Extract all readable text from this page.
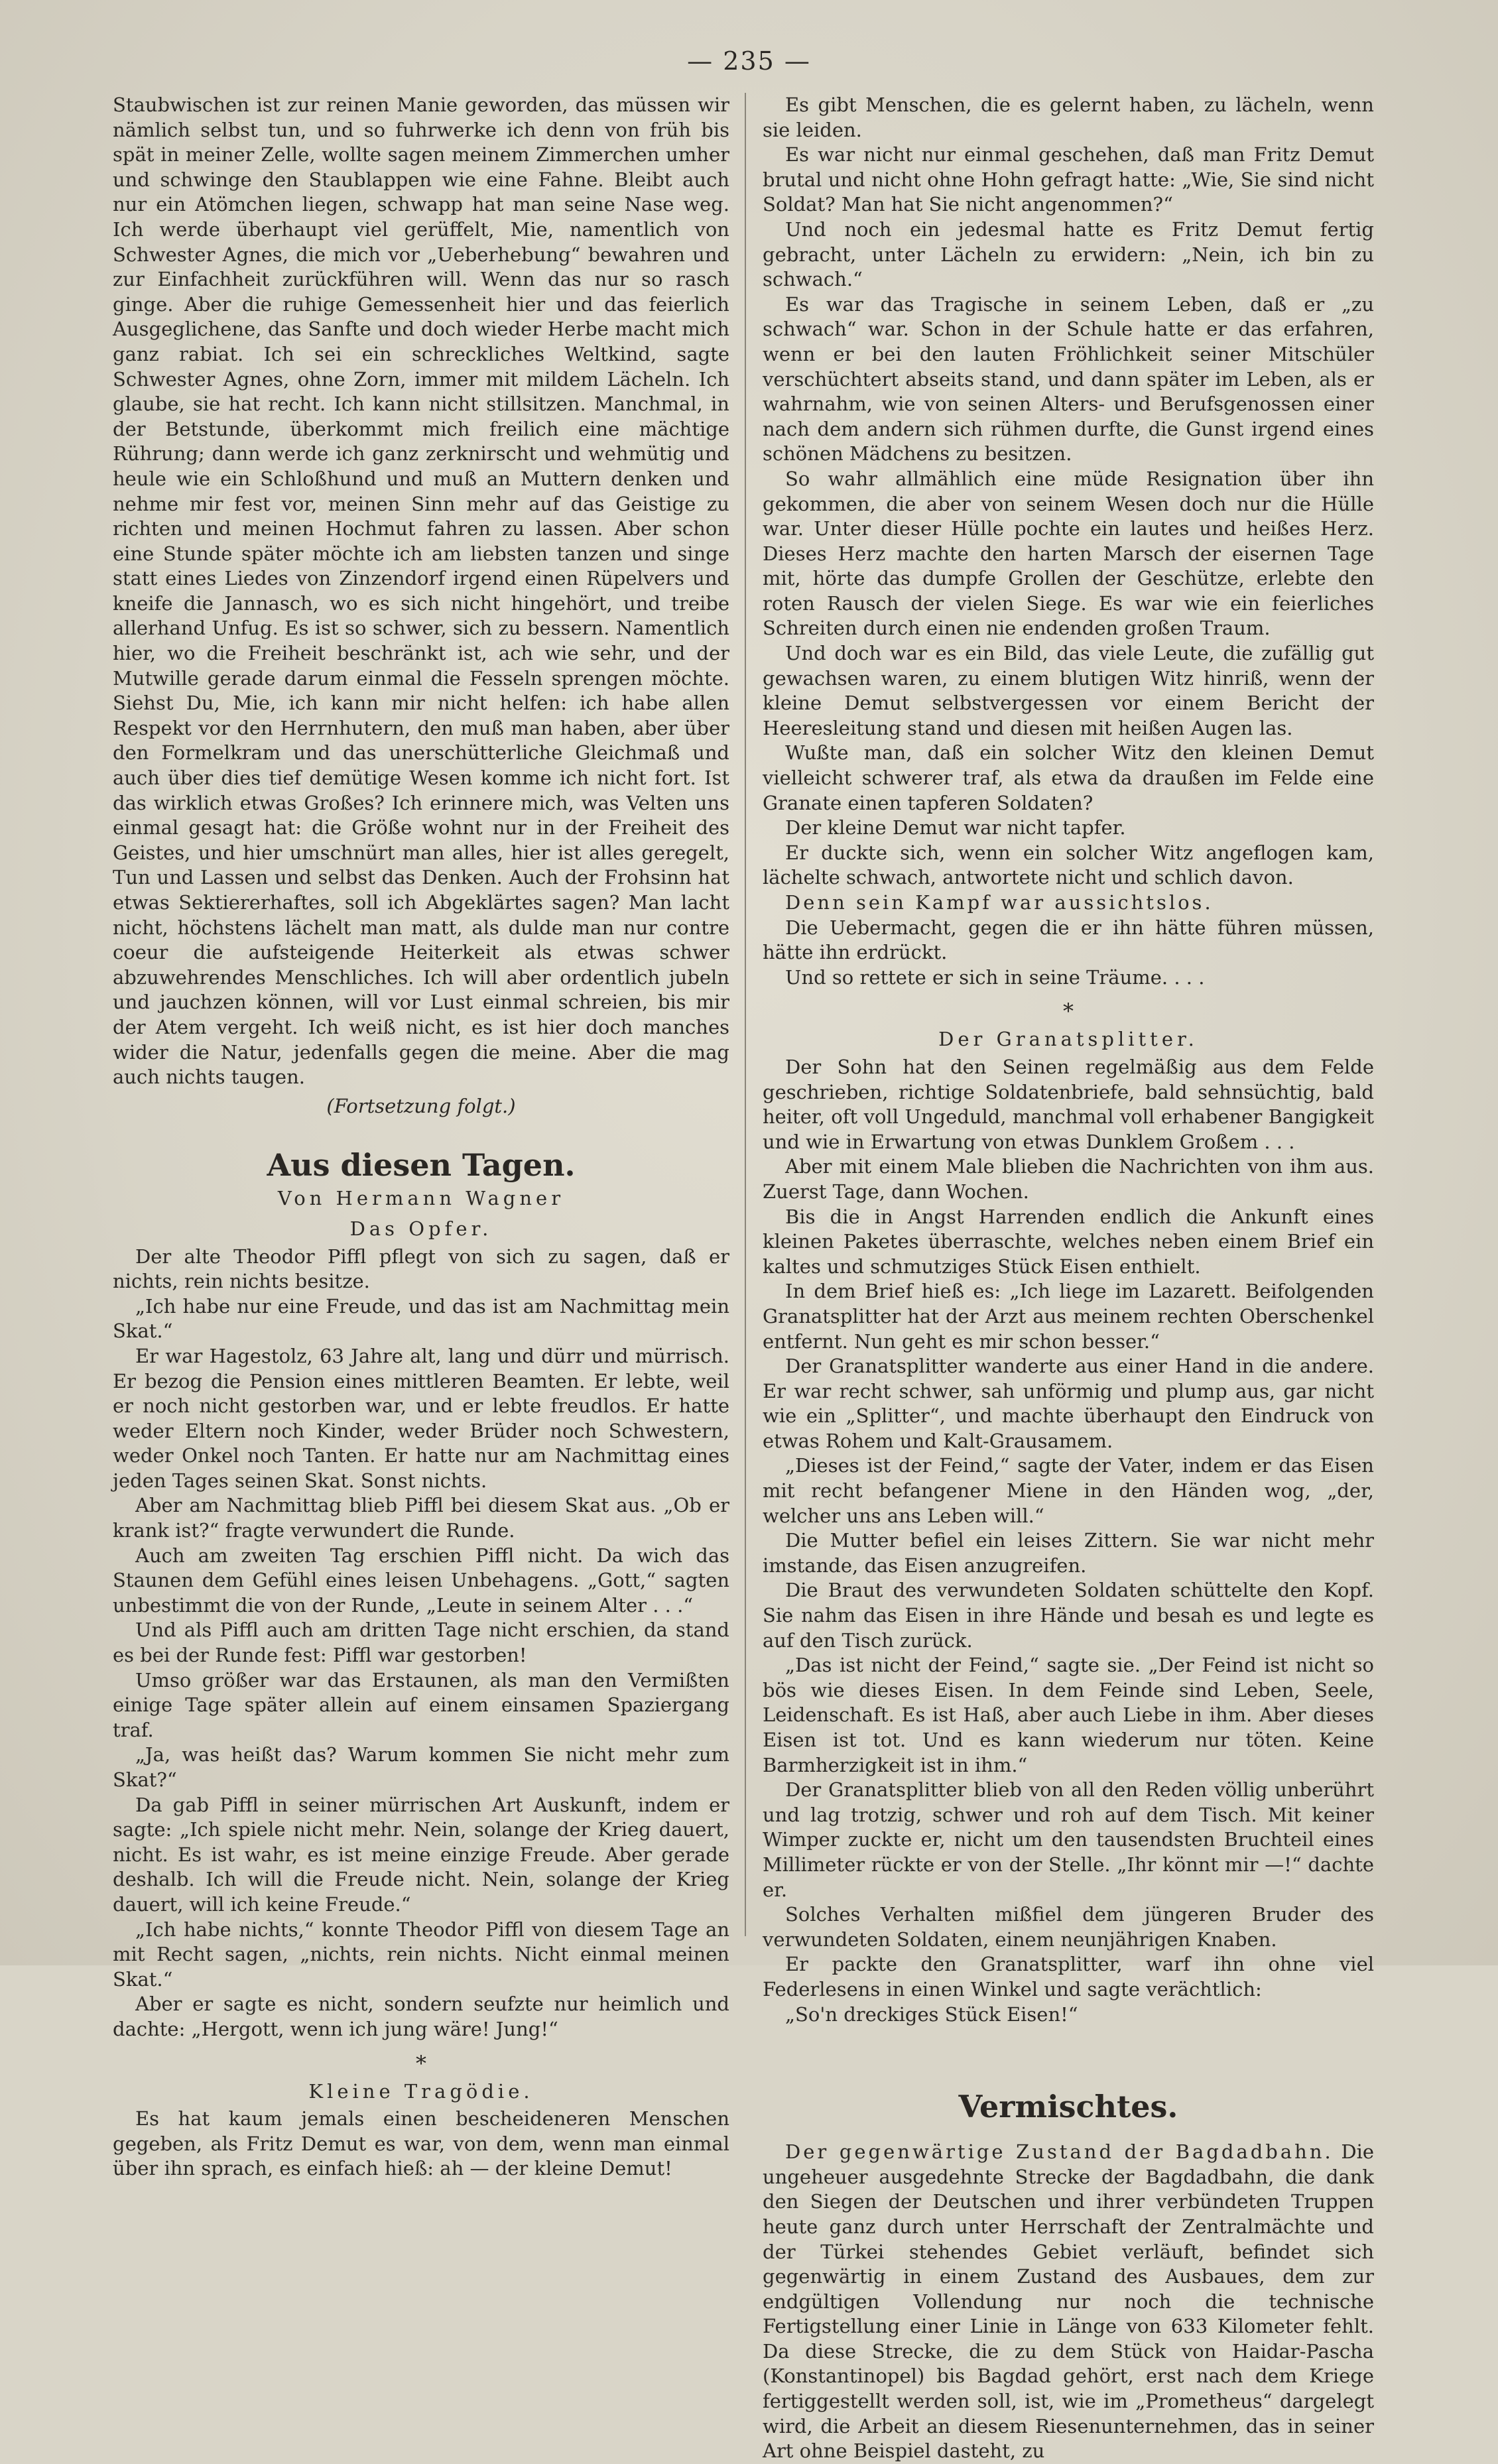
— 235 —

Staubwischen ist zur reinen Manie geworden, das müssen wir nämlich selbst tun, und so fuhrwerke ich denn von früh bis spät in meiner Zelle, wollte sagen meinem Zimmerchen umher und schwinge den Staublappen wie eine Fahne. Bleibt auch nur ein Atömchen liegen, schwapp hat man seine Nase weg. Ich werde überhaupt viel gerüffelt, Mie, namentlich von Schwester Agnes, die mich vor „Ueberhebung“ bewahren und zur Einfachheit zurückführen will. Wenn das nur so rasch ginge. Aber die ruhige Gemessenheit hier und das feierlich Ausgeglichene, das Sanfte und doch wieder Herbe macht mich ganz rabiat. Ich sei ein schreckliches Weltkind, sagte Schwester Agnes, ohne Zorn, immer mit mildem Lächeln. Ich glaube, sie hat recht. Ich kann nicht stillsitzen. Manchmal, in der Betstunde, überkommt mich freilich eine mächtige Rührung; dann werde ich ganz zerknirscht und wehmütig und heule wie ein Schloßhund und muß an Muttern denken und nehme mir fest vor, meinen Sinn mehr auf das Geistige zu richten und meinen Hochmut fahren zu lassen. Aber schon eine Stunde später möchte ich am liebsten tanzen und singe statt eines Liedes von Zinzendorf irgend einen Rüpelvers und kneife die Jannasch, wo es sich nicht hingehört, und treibe allerhand Unfug. Es ist so schwer, sich zu bessern. Namentlich hier, wo die Freiheit beschränkt ist, ach wie sehr, und der Mutwille gerade darum einmal die Fesseln sprengen möchte. Siehst Du, Mie, ich kann mir nicht helfen: ich habe allen Respekt vor den Herrnhutern, den muß man haben, aber über den Formelkram und das unerschütterliche Gleichmaß und auch über dies tief demütige Wesen komme ich nicht fort. Ist das wirklich etwas Großes? Ich erinnere mich, was Velten uns einmal gesagt hat: die Größe wohnt nur in der Freiheit des Geistes, und hier umschnürt man alles, hier ist alles geregelt, Tun und Lassen und selbst das Denken. Auch der Frohsinn hat etwas Sektiererhaftes, soll ich Abgeklärtes sagen? Man lacht nicht, höchstens lächelt man matt, als dulde man nur contre coeur die aufsteigende Heiterkeit als etwas schwer abzuwehrendes Menschliches. Ich will aber ordentlich jubeln und jauchzen können, will vor Lust einmal schreien, bis mir der Atem vergeht. Ich weiß nicht, es ist hier doch manches wider die Natur, jedenfalls gegen die meine. Aber die mag auch nichts taugen.

(Fortsetzung folgt.)
Aus diesen Tagen.
Von Hermann Wagner
Das Opfer.

Der alte Theodor Piffl pflegt von sich zu sagen, daß er nichts, rein nichts besitze.

„Ich habe nur eine Freude, und das ist am Nachmittag mein Skat.“

Er war Hagestolz, 63 Jahre alt, lang und dürr und mürrisch. Er bezog die Pension eines mittleren Beamten. Er lebte, weil er noch nicht gestorben war, und er lebte freudlos. Er hatte weder Eltern noch Kinder, weder Brüder noch Schwestern, weder Onkel noch Tanten. Er hatte nur am Nachmittag eines jeden Tages seinen Skat. Sonst nichts.

Aber am Nachmittag blieb Piffl bei diesem Skat aus. „Ob er krank ist?“ fragte verwundert die Runde.

Auch am zweiten Tag erschien Piffl nicht. Da wich das Staunen dem Gefühl eines leisen Unbehagens. „Gott,“ sagten unbestimmt die von der Runde, „Leute in seinem Alter . . .“

Und als Piffl auch am dritten Tage nicht erschien, da stand es bei der Runde fest: Piffl war gestorben!

Umso größer war das Erstaunen, als man den Vermißten einige Tage später allein auf einem einsamen Spaziergang traf.

„Ja, was heißt das? Warum kommen Sie nicht mehr zum Skat?“

Da gab Piffl in seiner mürrischen Art Auskunft, indem er sagte: „Ich spiele nicht mehr. Nein, solange der Krieg dauert, nicht. Es ist wahr, es ist meine einzige Freude. Aber gerade deshalb. Ich will die Freude nicht. Nein, solange der Krieg dauert, will ich keine Freude.“

„Ich habe nichts,“ konnte Theodor Piffl von diesem Tage an mit Recht sagen, „nichts, rein nichts. Nicht einmal meinen Skat.“

Aber er sagte es nicht, sondern seufzte nur heimlich und dachte: „Hergott, wenn ich jung wäre! Jung!“

*
Kleine Tragödie.

Es hat kaum jemals einen bescheideneren Menschen gegeben, als Fritz Demut es war, von dem, wenn man einmal über ihn sprach, es einfach hieß: ah — der kleine Demut!

Es gibt Menschen, die es gelernt haben, zu lächeln, wenn sie leiden.

Es war nicht nur einmal geschehen, daß man Fritz Demut brutal und nicht ohne Hohn gefragt hatte: „Wie, Sie sind nicht Soldat? Man hat Sie nicht angenommen?“

Und noch ein jedesmal hatte es Fritz Demut fertig gebracht, unter Lächeln zu erwidern: „Nein, ich bin zu schwach.“

Es war das Tragische in seinem Leben, daß er „zu schwach“ war. Schon in der Schule hatte er das erfahren, wenn er bei den lauten Fröhlichkeit seiner Mitschüler verschüchtert abseits stand, und dann später im Leben, als er wahrnahm, wie von seinen Alters- und Berufsgenossen einer nach dem andern sich rühmen durfte, die Gunst irgend eines schönen Mädchens zu besitzen.

So wahr allmählich eine müde Resignation über ihn gekommen, die aber von seinem Wesen doch nur die Hülle war. Unter dieser Hülle pochte ein lautes und heißes Herz. Dieses Herz machte den harten Marsch der eisernen Tage mit, hörte das dumpfe Grollen der Geschütze, erlebte den roten Rausch der vielen Siege. Es war wie ein feierliches Schreiten durch einen nie endenden großen Traum.

Und doch war es ein Bild, das viele Leute, die zufällig gut gewachsen waren, zu einem blutigen Witz hinriß, wenn der kleine Demut selbstvergessen vor einem Bericht der Heeresleitung stand und diesen mit heißen Augen las.

Wußte man, daß ein solcher Witz den kleinen Demut vielleicht schwerer traf, als etwa da draußen im Felde eine Granate einen tapferen Soldaten?

Der kleine Demut war nicht tapfer.

Er duckte sich, wenn ein solcher Witz angeflogen kam, lächelte schwach, antwortete nicht und schlich davon.

Denn sein Kampf war aussichtslos.

Die Uebermacht, gegen die er ihn hätte führen müssen, hätte ihn erdrückt.

Und so rettete er sich in seine Träume. . . .

*
Der Granatsplitter.

Der Sohn hat den Seinen regelmäßig aus dem Felde geschrieben, richtige Soldatenbriefe, bald sehnsüchtig, bald heiter, oft voll Ungeduld, manchmal voll erhabener Bangigkeit und wie in Erwartung von etwas Dunklem Großem . . .

Aber mit einem Male blieben die Nachrichten von ihm aus. Zuerst Tage, dann Wochen.

Bis die in Angst Harrenden endlich die Ankunft eines kleinen Paketes überraschte, welches neben einem Brief ein kaltes und schmutziges Stück Eisen enthielt.

In dem Brief hieß es: „Ich liege im Lazarett. Beifolgenden Granatsplitter hat der Arzt aus meinem rechten Oberschenkel entfernt. Nun geht es mir schon besser.“

Der Granatsplitter wanderte aus einer Hand in die andere. Er war recht schwer, sah unförmig und plump aus, gar nicht wie ein „Splitter“, und machte überhaupt den Eindruck von etwas Rohem und Kalt-Grausamem.

„Dieses ist der Feind,“ sagte der Vater, indem er das Eisen mit recht befangener Miene in den Händen wog, „der, welcher uns ans Leben will.“

Die Mutter befiel ein leises Zittern. Sie war nicht mehr imstande, das Eisen anzugreifen.

Die Braut des verwundeten Soldaten schüttelte den Kopf. Sie nahm das Eisen in ihre Hände und besah es und legte es auf den Tisch zurück.

„Das ist nicht der Feind,“ sagte sie. „Der Feind ist nicht so bös wie dieses Eisen. In dem Feinde sind Leben, Seele, Leidenschaft. Es ist Haß, aber auch Liebe in ihm. Aber dieses Eisen ist tot. Und es kann wiederum nur töten. Keine Barmherzigkeit ist in ihm.“

Der Granatsplitter blieb von all den Reden völlig unberührt und lag trotzig, schwer und roh auf dem Tisch. Mit keiner Wimper zuckte er, nicht um den tausendsten Bruchteil eines Millimeter rückte er von der Stelle. „Ihr könnt mir —!“ dachte er.

Solches Verhalten mißfiel dem jüngeren Bruder des verwundeten Soldaten, einem neunjährigen Knaben.

Er packte den Granatsplitter, warf ihn ohne viel Federlesens in einen Winkel und sagte verächtlich:

„So'n dreckiges Stück Eisen!“

Vermischtes.

Der gegenwärtige Zustand der Bagdadbahn. Die ungeheuer ausgedehnte Strecke der Bagdadbahn, die dank den Siegen der Deutschen und ihrer verbündeten Truppen heute ganz durch unter Herrschaft der Zentralmächte und der Türkei stehendes Gebiet verläuft, befindet sich gegenwärtig in einem Zustand des Ausbaues, dem zur endgültigen Vollendung nur noch die technische Fertigstellung einer Linie in Länge von 633 Kilometer fehlt. Da diese Strecke, die zu dem Stück von Haidar-Pascha (Konstantinopel) bis Bagdad gehört, erst nach dem Kriege fertiggestellt werden soll, ist, wie im „Prometheus“ dargelegt wird, die Arbeit an diesem Riesenunternehmen, das in seiner Art ohne Beispiel dasteht, zu
